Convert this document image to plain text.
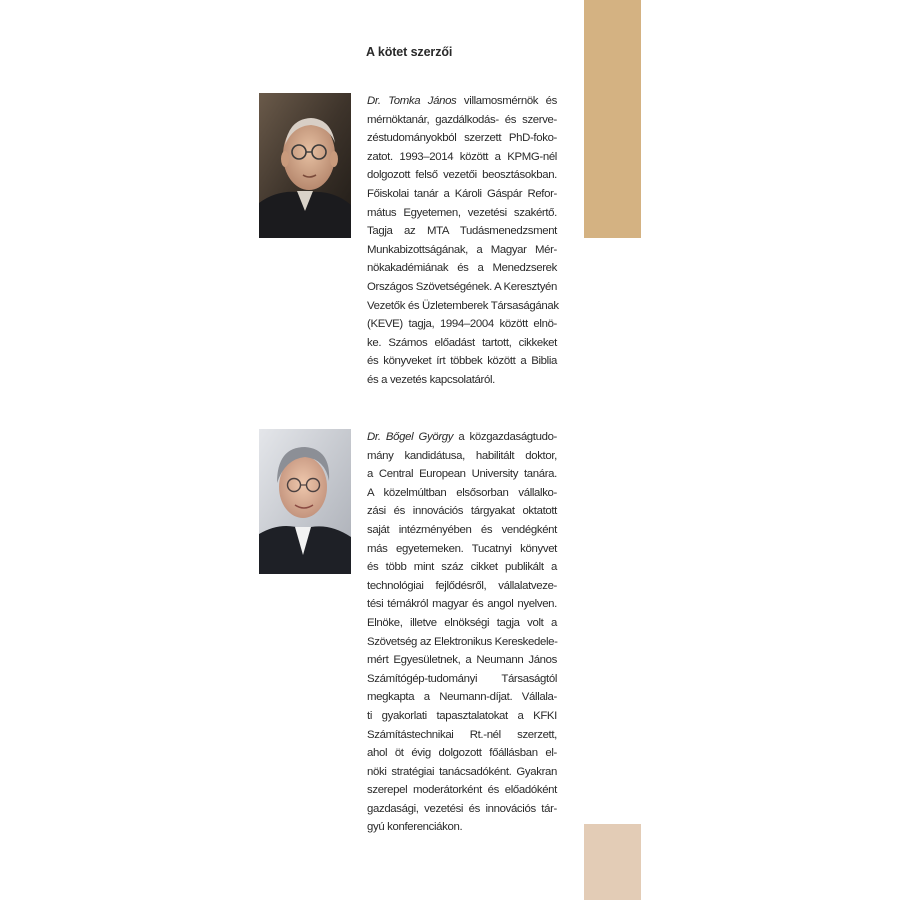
A kötet szerzői
Dr. Tomka János villamosmérnök és
mérnöktanár, gazdálkodás- és szerve-
zéstudományokból szerzett PhD-foko-
zatot. 1993–2014 között a KPMG-nél
dolgozott felső vezetői beosztásokban.
Főiskolai tanár a Károli Gáspár Refor-
mátus Egyetemen, vezetési szakértő.
Tagja az MTA Tudásmenedzsment
Munkabizottságának, a Magyar Mér-
nökakadémiának és a Menedzserek
Országos Szövetségének. A Keresztyén
Vezetők és Üzletemberek Társaságának
(KEVE) tagja, 1994–2004 között elnö-
ke. Számos előadást tartott, cikkeket
és könyveket írt többek között a Biblia
és a vezetés kapcsolatáról.
Dr. Bőgel György a közgazdaságtudo-
mány kandidátusa, habilitált doktor,
a Central European University tanára.
A közelmúltban elsősorban vállalko-
zási és innovációs tárgyakat oktatott
saját intézményében és vendégként
más egyetemeken. Tucatnyi könyvet
és több mint száz cikket publikált a
technológiai fejlődésről, vállalatveze-
tési témákról magyar és angol nyelven.
Elnöke, illetve elnökségi tagja volt a
Szövetség az Elektronikus Kereskedele-
mért Egyesületnek, a Neumann János
Számítógép-tudományi Társaságtól
megkapta a Neumann-díjat. Vállala-
ti gyakorlati tapasztalatokat a KFKI
Számítástechnikai Rt.-nél szerzett,
ahol öt évig dolgozott főállásban el-
nöki stratégiai tanácsadóként. Gyakran
szerepel moderátorként és előadóként
gazdasági, vezetési és innovációs tár-
gyú konferenciákon.
